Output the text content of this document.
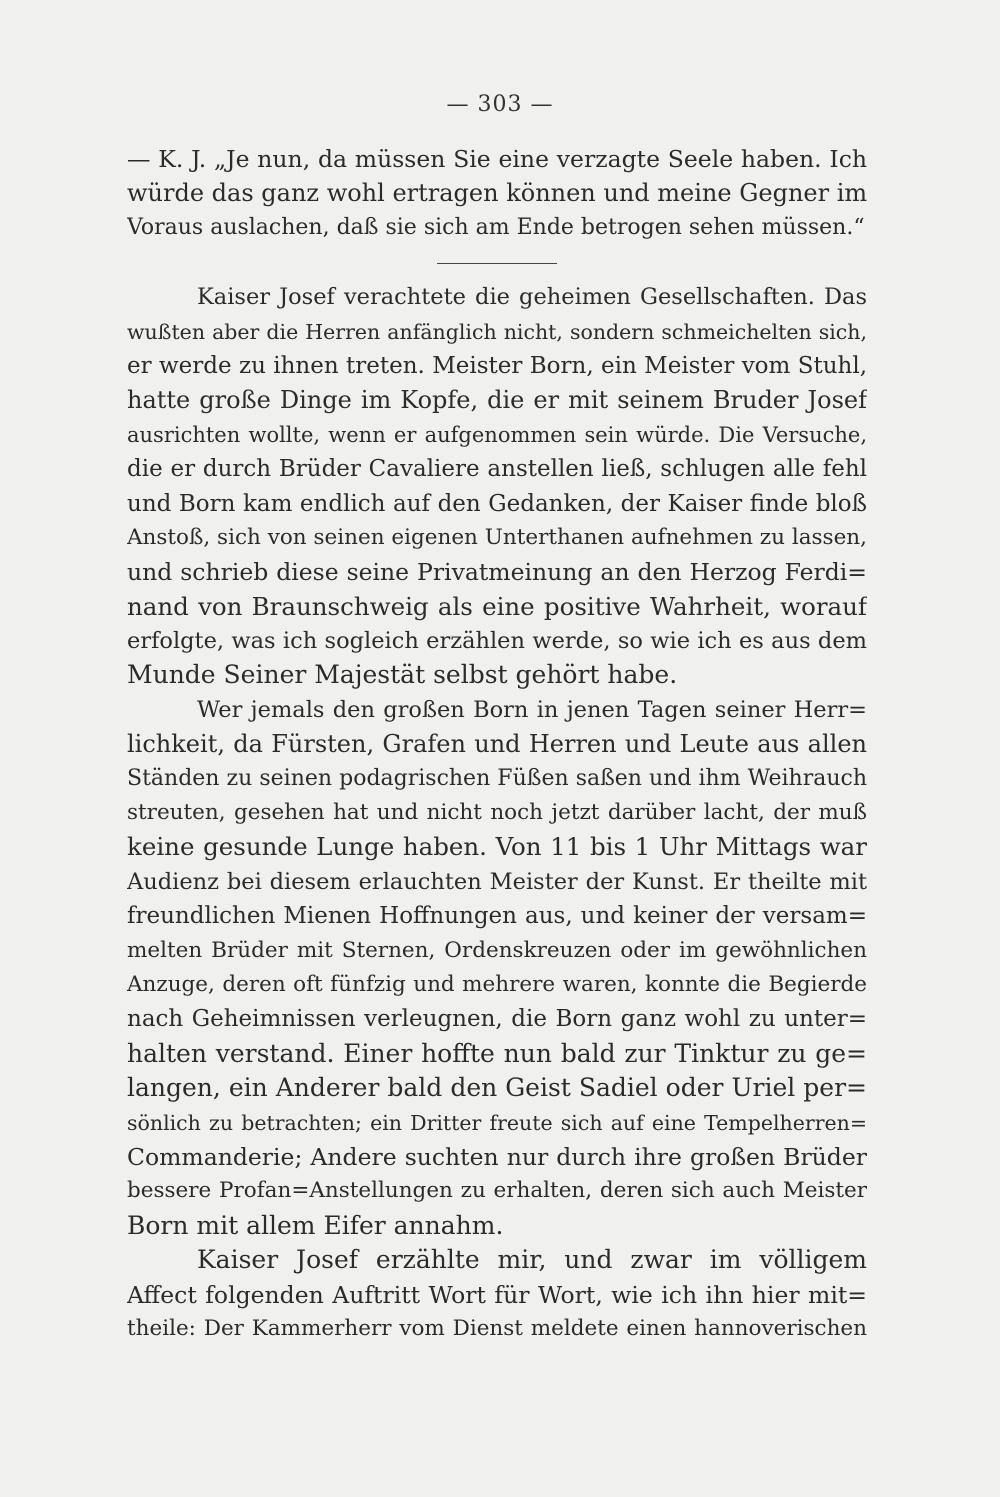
— 303 —
— K. J. „Je nun, da müssen Sie eine verzagte Seele haben. Ich
würde das ganz wohl ertragen können und meine Gegner im
Voraus auslachen, daß sie sich am Ende betrogen sehen müssen.“
Kaiser Josef verachtete die geheimen Gesellschaften. Das
wußten aber die Herren anfänglich nicht, sondern schmeichelten sich,
er werde zu ihnen treten. Meister Born, ein Meister vom Stuhl,
hatte große Dinge im Kopfe, die er mit seinem Bruder Josef
ausrichten wollte, wenn er aufgenommen sein würde. Die Versuche,
die er durch Brüder Cavaliere anstellen ließ, schlugen alle fehl
und Born kam endlich auf den Gedanken, der Kaiser finde bloß
Anstoß, sich von seinen eigenen Unterthanen aufnehmen zu lassen,
und schrieb diese seine Privatmeinung an den Herzog Ferdi=
nand von Braunschweig als eine positive Wahrheit, worauf
erfolgte, was ich sogleich erzählen werde, so wie ich es aus dem
Munde Seiner Majestät selbst gehört habe.
Wer jemals den großen Born in jenen Tagen seiner Herr=
lichkeit, da Fürsten, Grafen und Herren und Leute aus allen
Ständen zu seinen podagrischen Füßen saßen und ihm Weihrauch
streuten, gesehen hat und nicht noch jetzt darüber lacht, der muß
keine gesunde Lunge haben. Von 11 bis 1 Uhr Mittags war
Audienz bei diesem erlauchten Meister der Kunst. Er theilte mit
freundlichen Mienen Hoffnungen aus, und keiner der versam=
melten Brüder mit Sternen, Ordenskreuzen oder im gewöhnlichen
Anzuge, deren oft fünfzig und mehrere waren, konnte die Begierde
nach Geheimnissen verleugnen, die Born ganz wohl zu unter=
halten verstand. Einer hoffte nun bald zur Tinktur zu ge=
langen, ein Anderer bald den Geist Sadiel oder Uriel per=
sönlich zu betrachten; ein Dritter freute sich auf eine Tempelherren=
Commanderie; Andere suchten nur durch ihre großen Brüder
bessere Profan=Anstellungen zu erhalten, deren sich auch Meister
Born mit allem Eifer annahm.
Kaiser Josef erzählte mir, und zwar im völligem
Affect folgenden Auftritt Wort für Wort, wie ich ihn hier mit=
theile: Der Kammerherr vom Dienst meldete einen hannoverischen
